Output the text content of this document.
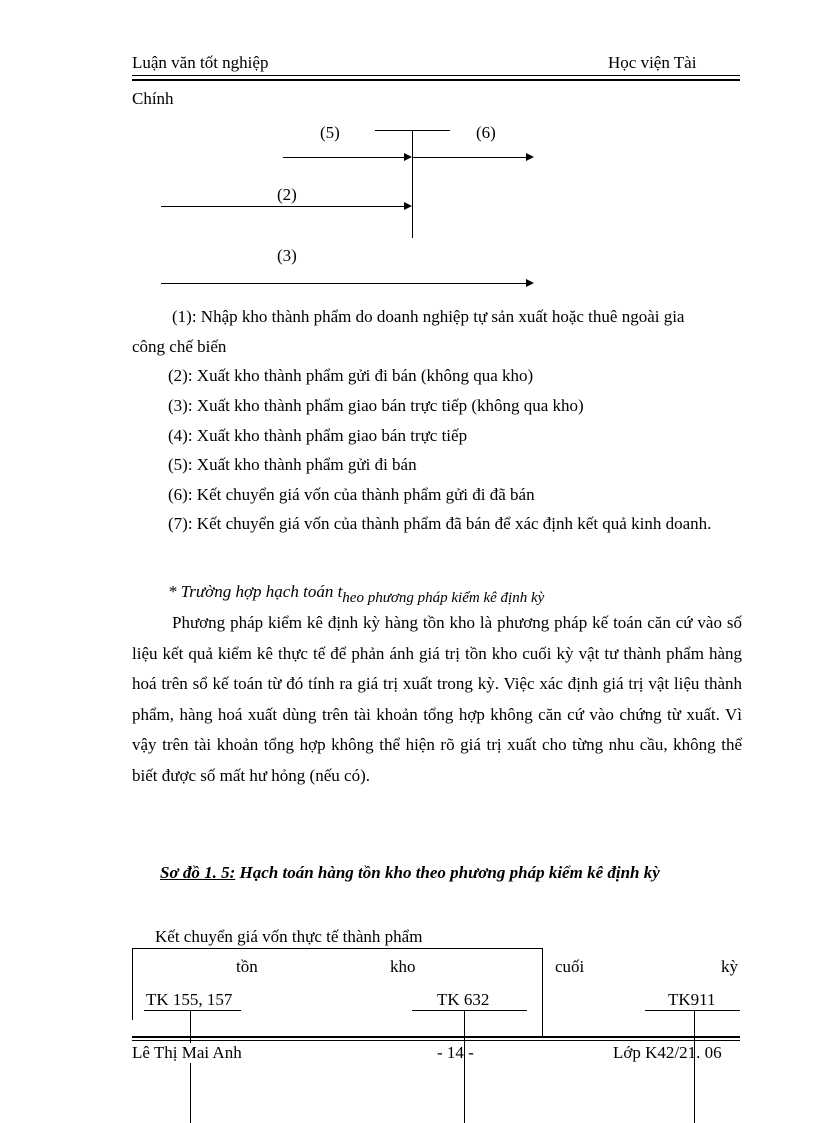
Luận văn tốt nghiệp	Học viện Tài
Chính
(5)	(6)
(2)
(3)
(1): Nhập kho thành phẩm do doanh nghiệp tự sản xuất hoặc thuê ngoài gia
công chế biến
(2): Xuất kho thành phẩm gửi đi bán (không qua kho)
(3): Xuất kho thành phẩm giao bán trực tiếp (không qua kho)
(4): Xuất kho thành phẩm giao bán trực tiếp
(5): Xuất kho thành phẩm gửi đi bán
(6): Kết chuyển giá vốn của thành phẩm gửi đi đã bán
(7): Kết chuyển giá vốn của thành phẩm đã bán để xác định kết quả kinh doanh.
* Trường hợp hạch toán theo phương pháp kiểm kê định kỳ
Phương pháp kiểm kê định kỳ hàng tồn kho là phương pháp kế toán căn cứ vào số liệu kết quả kiểm kê thực tế để phản ánh giá trị tồn kho cuối kỳ vật tư thành phẩm hàng hoá trên sổ kế toán từ đó tính ra giá trị xuất trong kỳ. Việc xác định giá trị vật liệu thành phẩm, hàng hoá xuất dùng trên tài khoản tổng hợp không căn cứ vào chứng từ xuất. Vì vậy trên tài khoản tổng hợp không thể hiện rõ giá trị xuất cho từng nhu cầu, không thể biết được số mất hư hỏng (nếu có).
Sơ đồ 1. 5: Hạch toán hàng tồn kho theo phương pháp kiểm kê định kỳ
Kết chuyển giá vốn thực tế thành phẩm
tồn	kho	cuối	kỳ
TK 155, 157	TK 632	TK911
Lê Thị Mai Anh	- 14 -	Lớp K42/21. 06
